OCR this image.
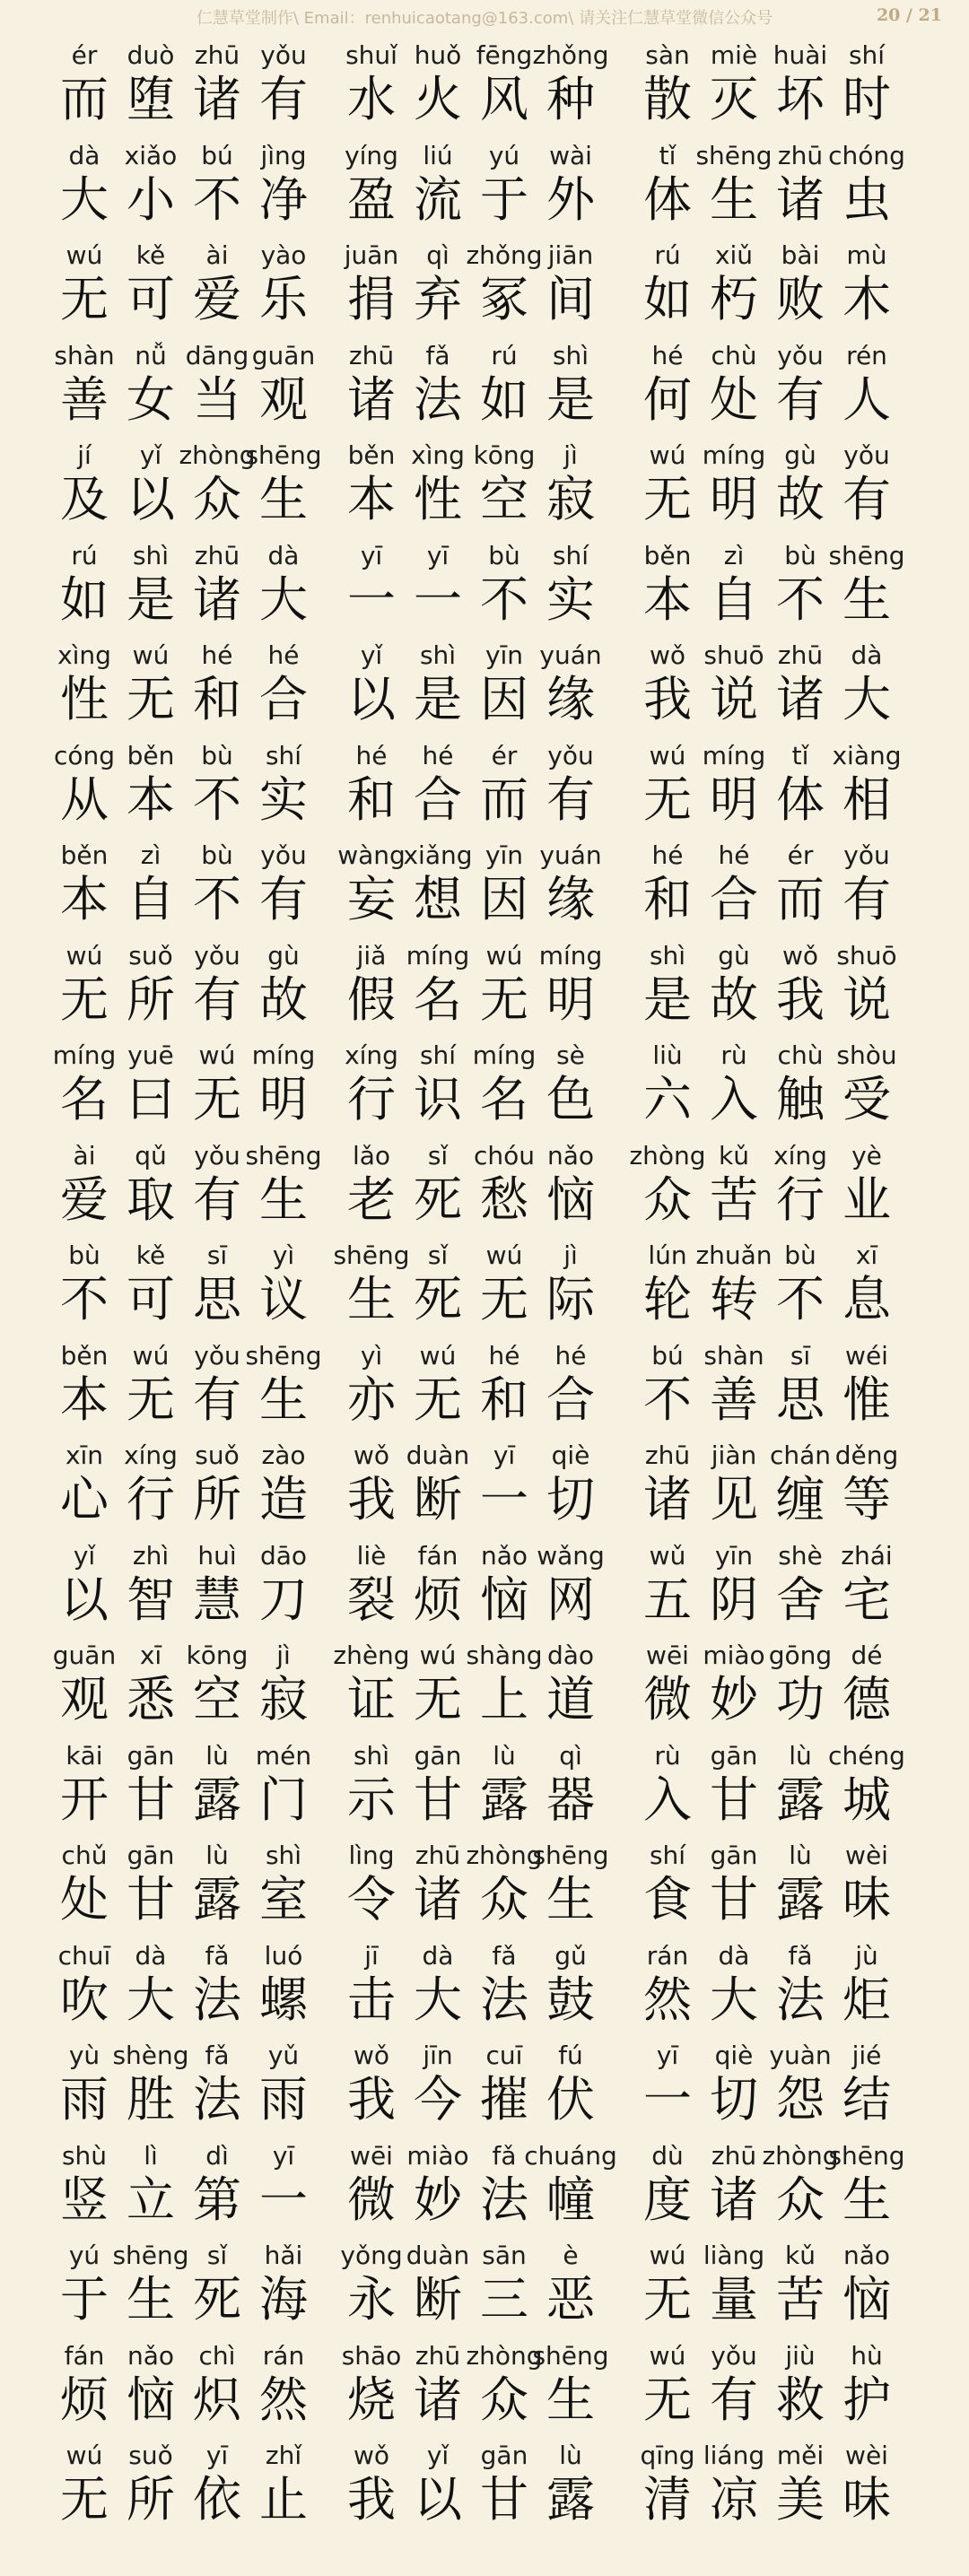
仁慧草堂制作\ Email：renhuicaotang@163.com\ 请关注仁慧草堂微信公众号	20 / 21
ér
而
duò
堕
zhū
诸
yǒu
有
shuǐ
水
huǒ
火
fēng
风
zhǒng
种
sàn
散
miè
灭
huài
坏
shí
时
dà
大
xiǎo
小
bú
不
jìng
净
yíng
盈
liú
流
yú
于
wài
外
tǐ
体
shēng
生
zhū
诸
chóng
虫
wú
无
kě
可
ài
爱
yào
乐
juān
捐
qì
弃
zhǒng
冢
jiān
间
rú
如
xiǔ
朽
bài
败
mù
木
shàn
善
nǚ
女
dāng
当
guān
观
zhū
诸
fǎ
法
rú
如
shì
是
hé
何
chù
处
yǒu
有
rén
人
jí
及
yǐ
以
zhòng
众
shēng
生
běn
本
xìng
性
kōng
空
jì
寂
wú
无
míng
明
gù
故
yǒu
有
rú
如
shì
是
zhū
诸
dà
大
yī
一
yī
一
bù
不
shí
实
běn
本
zì
自
bù
不
shēng
生
xìng
性
wú
无
hé
和
hé
合
yǐ
以
shì
是
yīn
因
yuán
缘
wǒ
我
shuō
说
zhū
诸
dà
大
cóng
从
běn
本
bù
不
shí
实
hé
和
hé
合
ér
而
yǒu
有
wú
无
míng
明
tǐ
体
xiàng
相
běn
本
zì
自
bù
不
yǒu
有
wàng
妄
xiǎng
想
yīn
因
yuán
缘
hé
和
hé
合
ér
而
yǒu
有
wú
无
suǒ
所
yǒu
有
gù
故
jiǎ
假
míng
名
wú
无
míng
明
shì
是
gù
故
wǒ
我
shuō
说
míng
名
yuē
曰
wú
无
míng
明
xíng
行
shí
识
míng
名
sè
色
liù
六
rù
入
chù
触
shòu
受
ài
爱
qǔ
取
yǒu
有
shēng
生
lǎo
老
sǐ
死
chóu
愁
nǎo
恼
zhòng
众
kǔ
苦
xíng
行
yè
业
bù
不
kě
可
sī
思
yì
议
shēng
生
sǐ
死
wú
无
jì
际
lún
轮
zhuǎn
转
bù
不
xī
息
běn
本
wú
无
yǒu
有
shēng
生
yì
亦
wú
无
hé
和
hé
合
bú
不
shàn
善
sī
思
wéi
惟
xīn
心
xíng
行
suǒ
所
zào
造
wǒ
我
duàn
断
yī
一
qiè
切
zhū
诸
jiàn
见
chán
缠
děng
等
yǐ
以
zhì
智
huì
慧
dāo
刀
liè
裂
fán
烦
nǎo
恼
wǎng
网
wǔ
五
yīn
阴
shè
舍
zhái
宅
guān
观
xī
悉
kōng
空
jì
寂
zhèng
证
wú
无
shàng
上
dào
道
wēi
微
miào
妙
gōng
功
dé
德
kāi
开
gān
甘
lù
露
mén
门
shì
示
gān
甘
lù
露
qì
器
rù
入
gān
甘
lù
露
chéng
城
chǔ
处
gān
甘
lù
露
shì
室
lìng
令
zhū
诸
zhòng
众
shēng
生
shí
食
gān
甘
lù
露
wèi
味
chuī
吹
dà
大
fǎ
法
luó
螺
jī
击
dà
大
fǎ
法
gǔ
鼓
rán
然
dà
大
fǎ
法
jù
炬
yù
雨
shèng
胜
fǎ
法
yǔ
雨
wǒ
我
jīn
今
cuī
摧
fú
伏
yī
一
qiè
切
yuàn
怨
jié
结
shù
竖
lì
立
dì
第
yī
一
wēi
微
miào
妙
fǎ
法
chuáng
幢
dù
度
zhū
诸
zhòng
众
shēng
生
yú
于
shēng
生
sǐ
死
hǎi
海
yǒng
永
duàn
断
sān
三
è
恶
wú
无
liàng
量
kǔ
苦
nǎo
恼
fán
烦
nǎo
恼
chì
炽
rán
然
shāo
烧
zhū
诸
zhòng
众
shēng
生
wú
无
yǒu
有
jiù
救
hù
护
wú
无
suǒ
所
yī
依
zhǐ
止
wǒ
我
yǐ
以
gān
甘
lù
露
qīng
清
liáng
凉
měi
美
wèi
味
